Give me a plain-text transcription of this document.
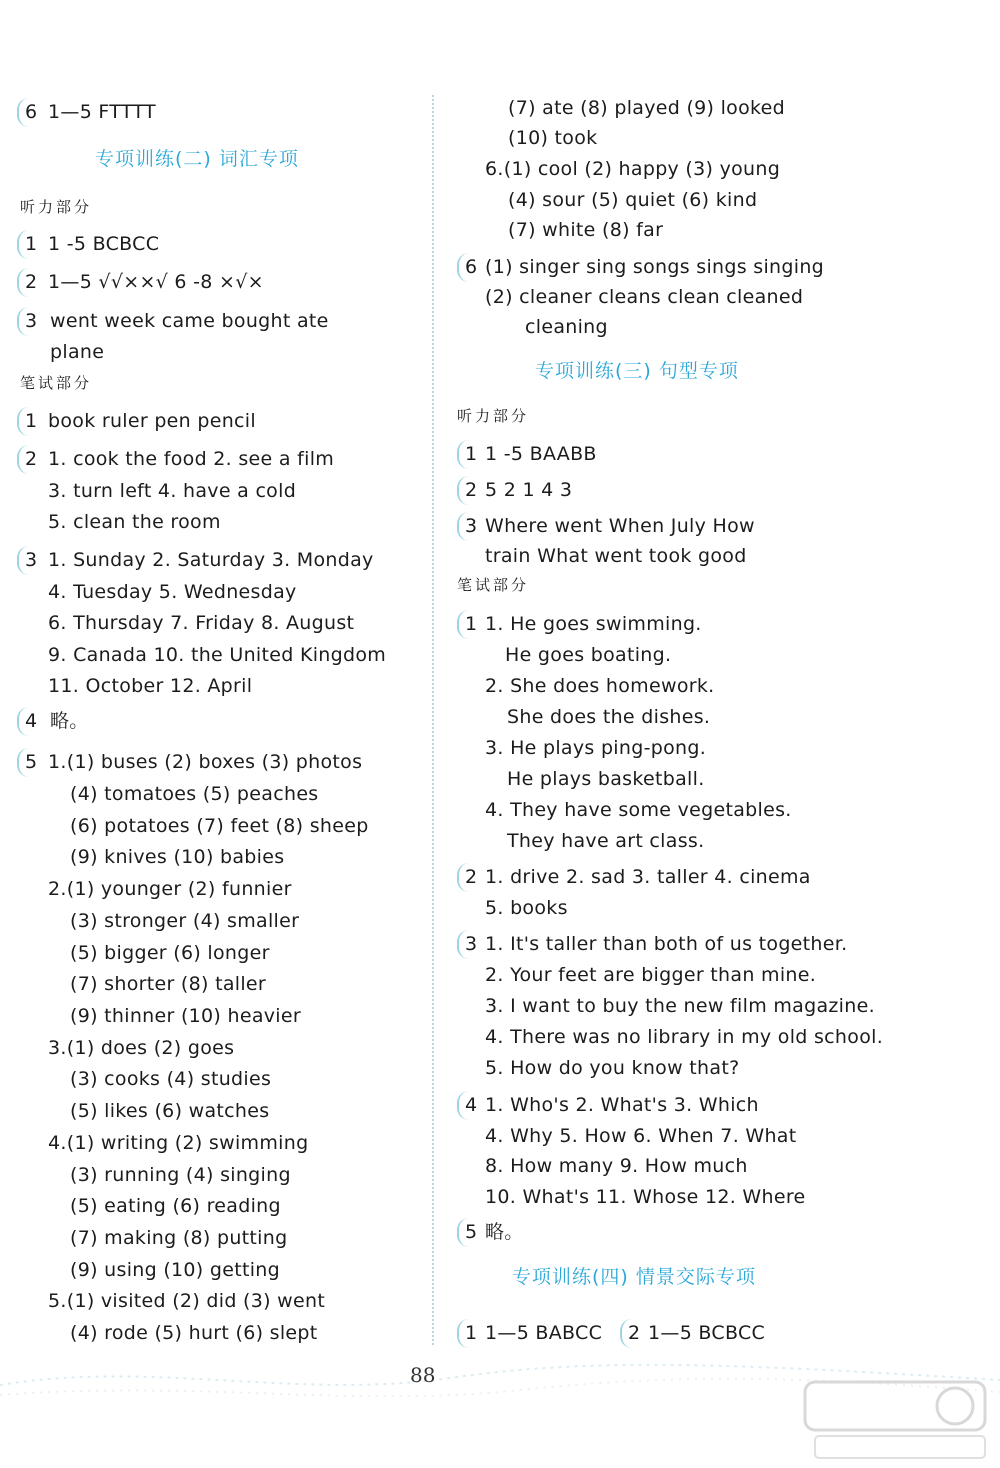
6 1—5 FTTTT
专项训练(二) 词汇专项
听力部分
1 1 -5 BCBCC
2 1—5 √√××√ 6 -8 ×√×
3 went week came bought ate
plane
笔试部分
1 book ruler pen pencil
2 1. cook the food 2. see a film
3. turn left 4. have a cold
5. clean the room
3 1. Sunday 2. Saturday 3. Monday
4. Tuesday 5. Wednesday
6. Thursday 7. Friday 8. August
9. Canada 10. the United Kingdom
11. October 12. April
4 略。
5 1.(1) buses (2) boxes (3) photos
(4) tomatoes (5) peaches
(6) potatoes (7) feet (8) sheep
(9) knives (10) babies
2.(1) younger (2) funnier
(3) stronger (4) smaller
(5) bigger (6) longer
(7) shorter (8) taller
(9) thinner (10) heavier
3.(1) does (2) goes
(3) cooks (4) studies
(5) likes (6) watches
4.(1) writing (2) swimming
(3) running (4) singing
(5) eating (6) reading
(7) making (8) putting
(9) using (10) getting
5.(1) visited (2) did (3) went
(4) rode (5) hurt (6) slept
(7) ate (8) played (9) looked
(10) took
6.(1) cool (2) happy (3) young
(4) sour (5) quiet (6) kind
(7) white (8) far
6 (1) singer sing songs sings singing
(2) cleaner cleans clean cleaned
cleaning
专项训练(三) 句型专项
听力部分
1 1 -5 BAABB
2 5 2 1 4 3
3 Where went When July How
train What went took good
笔试部分
1 1. He goes swimming.
He goes boating.
2. She does homework.
She does the dishes.
3. He plays ping-pong.
He plays basketball.
4. They have some vegetables.
They have art class.
2 1. drive 2. sad 3. taller 4. cinema
5. books
3 1. It's taller than both of us together.
2. Your feet are bigger than mine.
3. I want to buy the new film magazine.
4. There was no library in my old school.
5. How do you know that?
4 1. Who's 2. What's 3. Which
4. Why 5. How 6. When 7. What
8. How many 9. How much
10. What's 11. Whose 12. Where
5 略。
专项训练(四) 情景交际专项
1 1—5 BABCC 2 1—5 BCBCC
88
